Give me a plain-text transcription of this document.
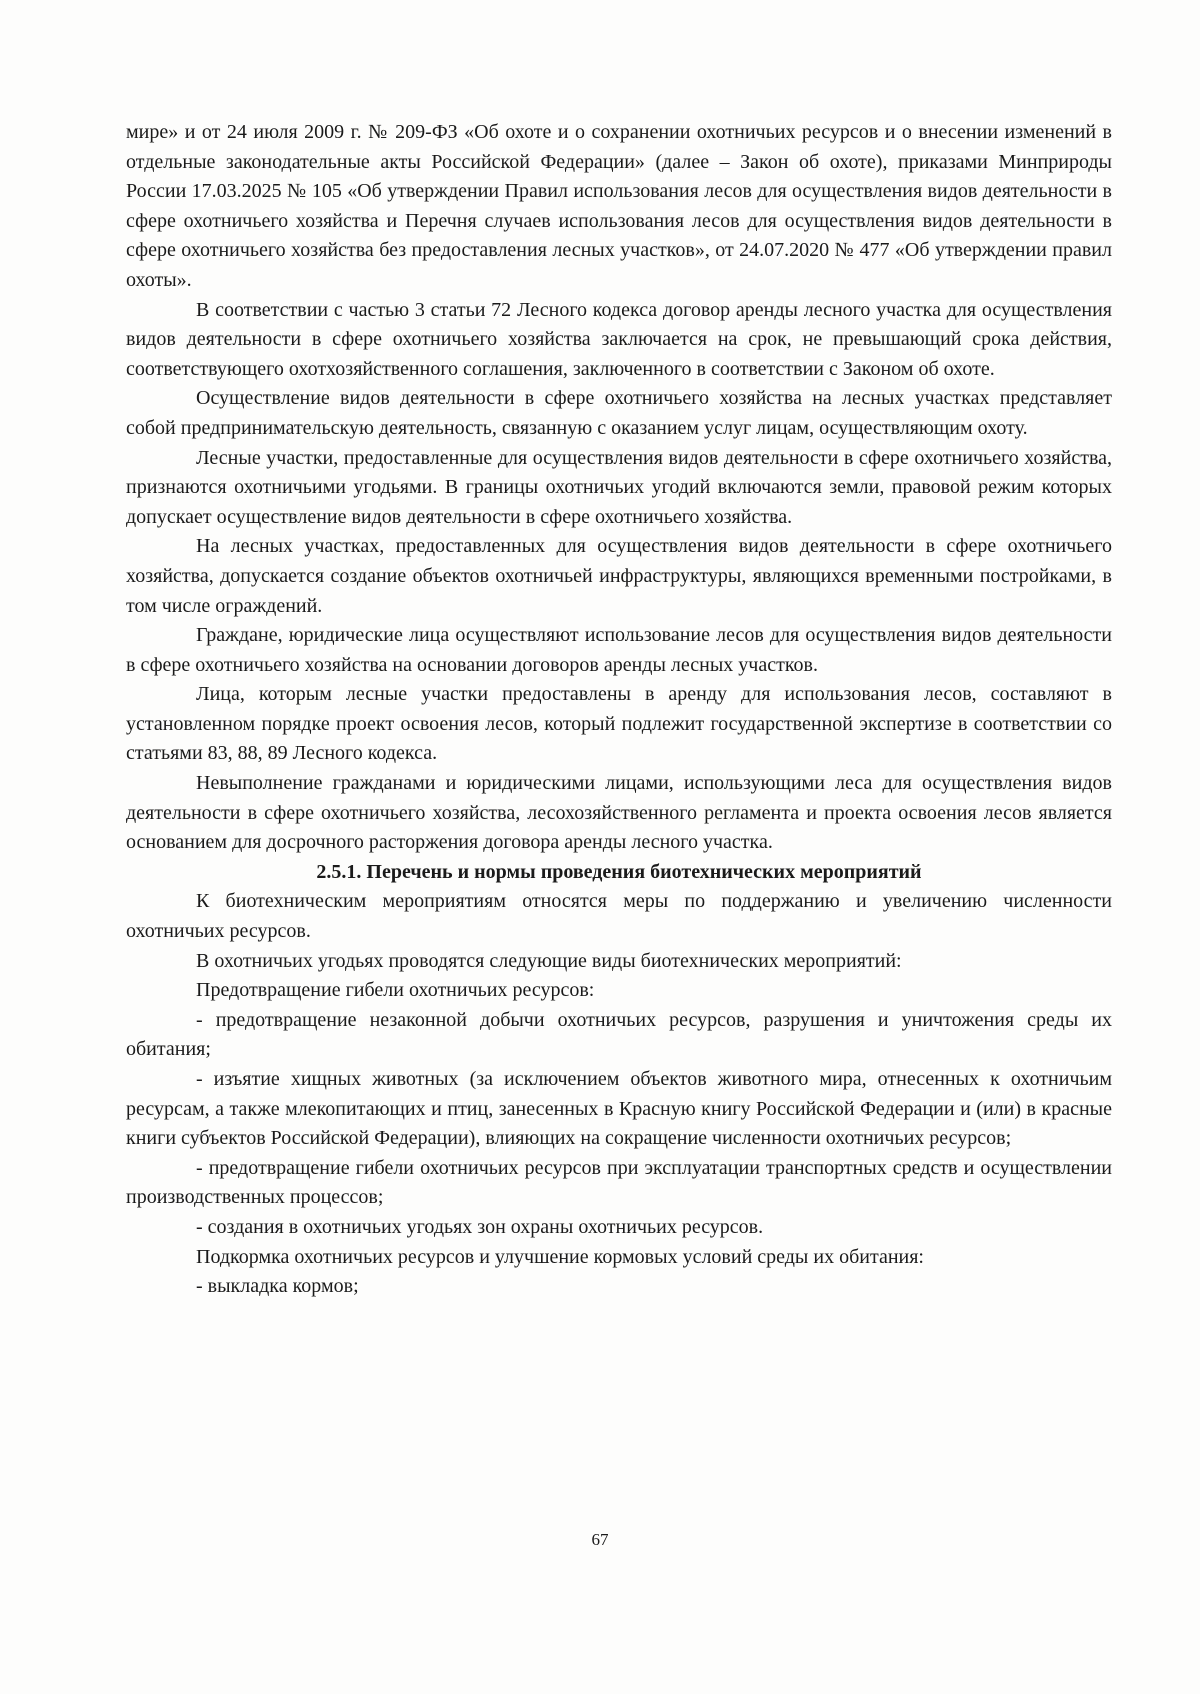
мире» и от 24 июля 2009 г. № 209-ФЗ «Об охоте и о сохранении охотничьих ресурсов и о внесении изменений в отдельные законодательные акты Российской Федерации» (далее – Закон об охоте), приказами Минприроды России 17.03.2025 № 105 «Об утверждении Правил использования лесов для осуществления видов деятельности в сфере охотничьего хозяйства и Перечня случаев использования лесов для осуществления видов деятельности в сфере охотничьего хозяйства без предоставления лесных участков», от 24.07.2020 № 477 «Об утверждении правил охоты».

В соответствии с частью 3 статьи 72 Лесного кодекса договор аренды лесного участка для осуществления видов деятельности в сфере охотничьего хозяйства заключается на срок, не превышающий срока действия, соответствующего охотхозяйственного соглашения, заключенного в соответствии с Законом об охоте.

Осуществление видов деятельности в сфере охотничьего хозяйства на лесных участках представляет собой предпринимательскую деятельность, связанную с оказанием услуг лицам, осуществляющим охоту.

Лесные участки, предоставленные для осуществления видов деятельности в сфере охотничьего хозяйства, признаются охотничьими угодьями. В границы охотничьих угодий включаются земли, правовой режим которых допускает осуществление видов деятельности в сфере охотничьего хозяйства.

На лесных участках, предоставленных для осуществления видов деятельности в сфере охотничьего хозяйства, допускается создание объектов охотничьей инфраструктуры, являющихся временными постройками, в том числе ограждений.

Граждане, юридические лица осуществляют использование лесов для осуществления видов деятельности в сфере охотничьего хозяйства на основании договоров аренды лесных участков.

Лица, которым лесные участки предоставлены в аренду для использования лесов, составляют в установленном порядке проект освоения лесов, который подлежит государственной экспертизе в соответствии со статьями 83, 88, 89 Лесного кодекса.

Невыполнение гражданами и юридическими лицами, использующими леса для осуществления видов деятельности в сфере охотничьего хозяйства, лесохозяйственного регламента и проекта освоения лесов является основанием для досрочного расторжения договора аренды лесного участка.

2.5.1. Перечень и нормы проведения биотехнических мероприятий

К биотехническим мероприятиям относятся меры по поддержанию и увеличению численности охотничьих ресурсов.

В охотничьих угодьях проводятся следующие виды биотехнических мероприятий:

Предотвращение гибели охотничьих ресурсов:

- предотвращение незаконной добычи охотничьих ресурсов, разрушения и уничтожения среды их обитания;

- изъятие хищных животных (за исключением объектов животного мира, отнесенных к охотничьим ресурсам, а также млекопитающих и птиц, занесенных в Красную книгу Российской Федерации и (или) в красные книги субъектов Российской Федерации), влияющих на сокращение численности охотничьих ресурсов;

- предотвращение гибели охотничьих ресурсов при эксплуатации транспортных средств и осуществлении производственных процессов;

- создания в охотничьих угодьях зон охраны охотничьих ресурсов.

Подкормка охотничьих ресурсов и улучшение кормовых условий среды их обитания:

- выкладка кормов;

67
